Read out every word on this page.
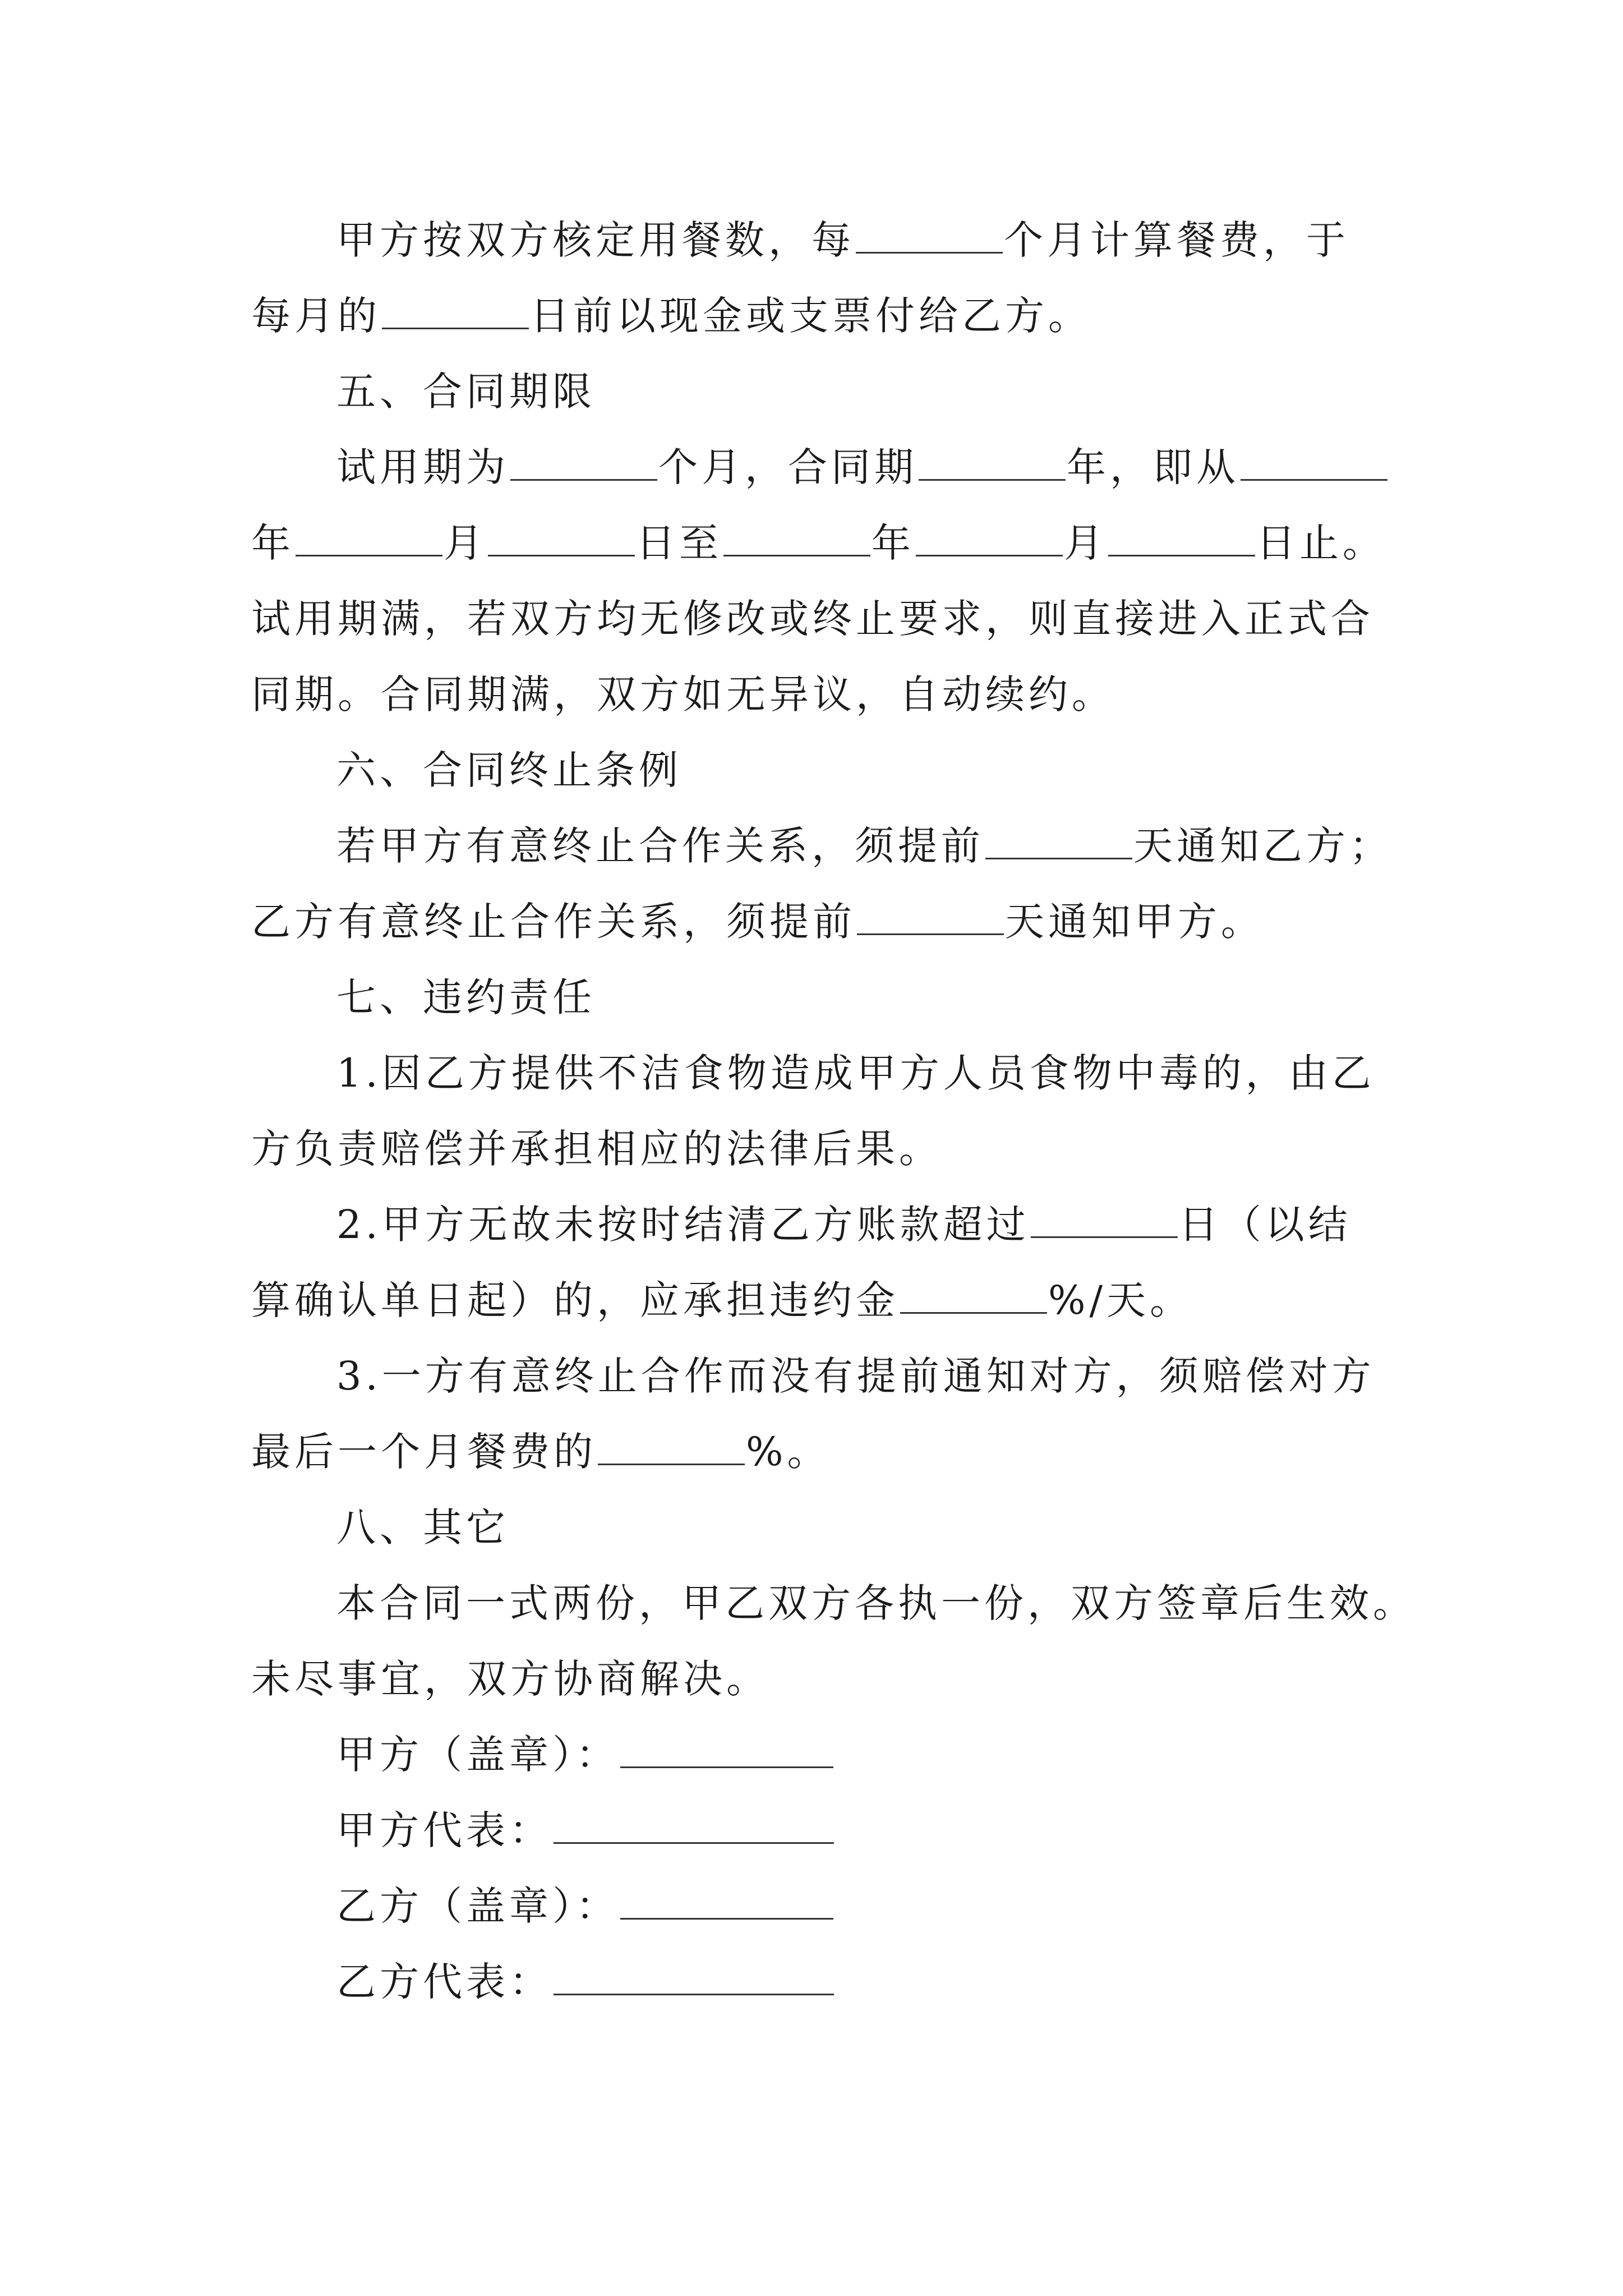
甲方按双方核定用餐数，每	个月计算餐费，于
每月的	日前以现金或支票付给乙方。
五、合同期限
试用期为	个月，合同期	年，即从
年	月	日至	年	月	日止。
试用期满，若双方均无修改或终止要求，则直接进入正式合
同期。合同期满，双方如无异议，自动续约。
六、合同终止条例
若甲方有意终止合作关系，须提前	天通知乙方；
乙方有意终止合作关系，须提前	天通知甲方。
七、违约责任
1.因乙方提供不洁食物造成甲方人员食物中毒的，由乙
方负责赔偿并承担相应的法律后果。
2.甲方无故未按时结清乙方账款超过	日（以结
算确认单日起）的，应承担违约金	%/天。
3.一方有意终止合作而没有提前通知对方，须赔偿对方
最后一个月餐费的	%。
八、其它
本合同一式两份，甲乙双方各执一份，双方签章后生效。
未尽事宜，双方协商解决。
甲方（盖章）：
甲方代表：
乙方（盖章）：
乙方代表：
